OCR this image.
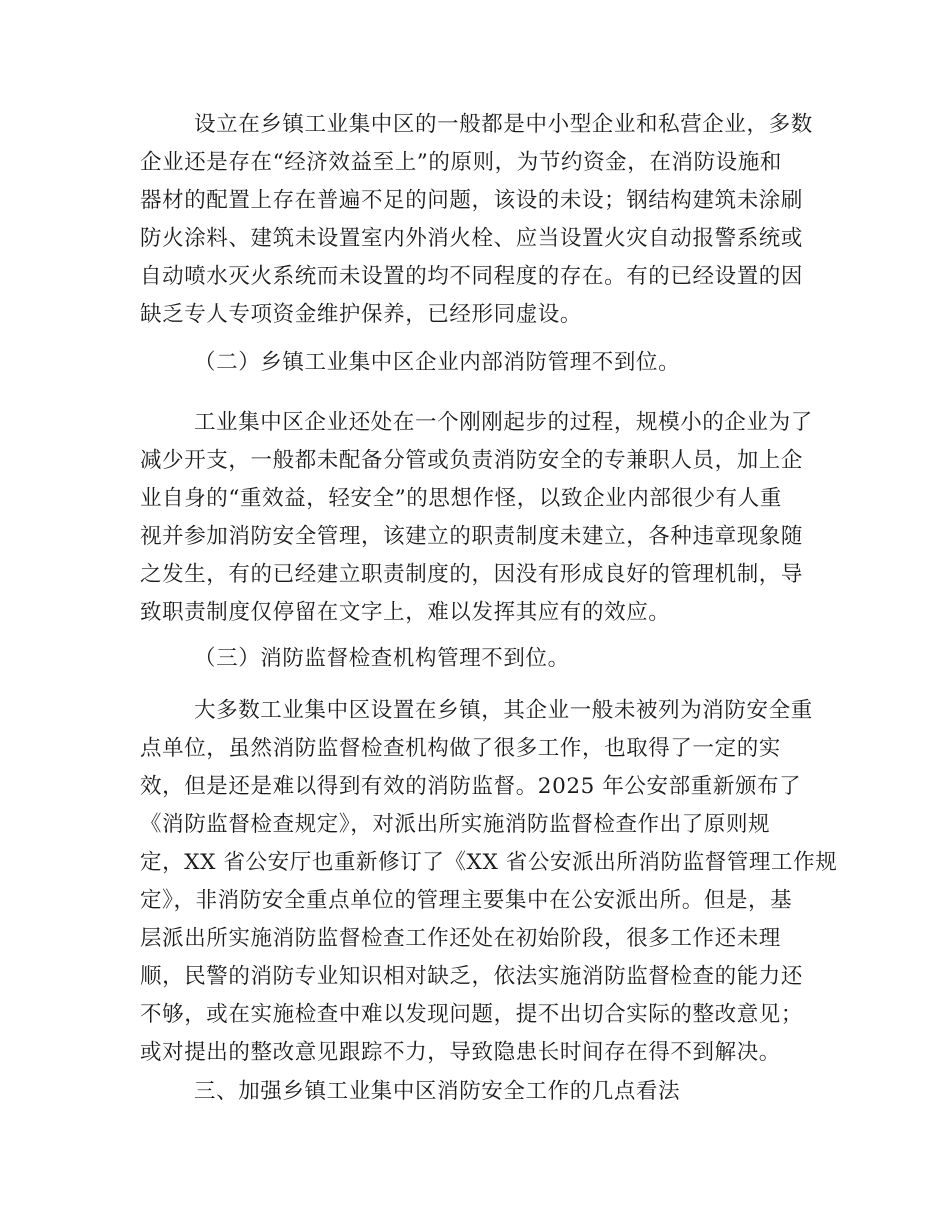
设立在乡镇工业集中区的一般都是中小型企业和私营企业，多数
企业还是存在“经济效益至上”的原则，为节约资金，在消防设施和
器材的配置上存在普遍不足的问题，该设的未设；钢结构建筑未涂刷
防火涂料、建筑未设置室内外消火栓、应当设置火灾自动报警系统或
自动喷水灭火系统而未设置的均不同程度的存在。有的已经设置的因
缺乏专人专项资金维护保养，已经形同虚设。
（二）乡镇工业集中区企业内部消防管理不到位。
工业集中区企业还处在一个刚刚起步的过程，规模小的企业为了
减少开支，一般都未配备分管或负责消防安全的专兼职人员，加上企
业自身的“重效益，轻安全”的思想作怪，以致企业内部很少有人重
视并参加消防安全管理，该建立的职责制度未建立，各种违章现象随
之发生，有的已经建立职责制度的，因没有形成良好的管理机制，导
致职责制度仅停留在文字上，难以发挥其应有的效应。
（三）消防监督检查机构管理不到位。
大多数工业集中区设置在乡镇，其企业一般未被列为消防安全重
点单位，虽然消防监督检查机构做了很多工作，也取得了一定的实
效，但是还是难以得到有效的消防监督。2025 年公安部重新颁布了
《消防监督检查规定》，对派出所实施消防监督检查作出了原则规
定，XX 省公安厅也重新修订了《XX 省公安派出所消防监督管理工作规
定》，非消防安全重点单位的管理主要集中在公安派出所。但是，基
层派出所实施消防监督检查工作还处在初始阶段，很多工作还未理
顺，民警的消防专业知识相对缺乏，依法实施消防监督检查的能力还
不够，或在实施检查中难以发现问题，提不出切合实际的整改意见；
或对提出的整改意见跟踪不力，导致隐患长时间存在得不到解决。
三、加强乡镇工业集中区消防安全工作的几点看法
